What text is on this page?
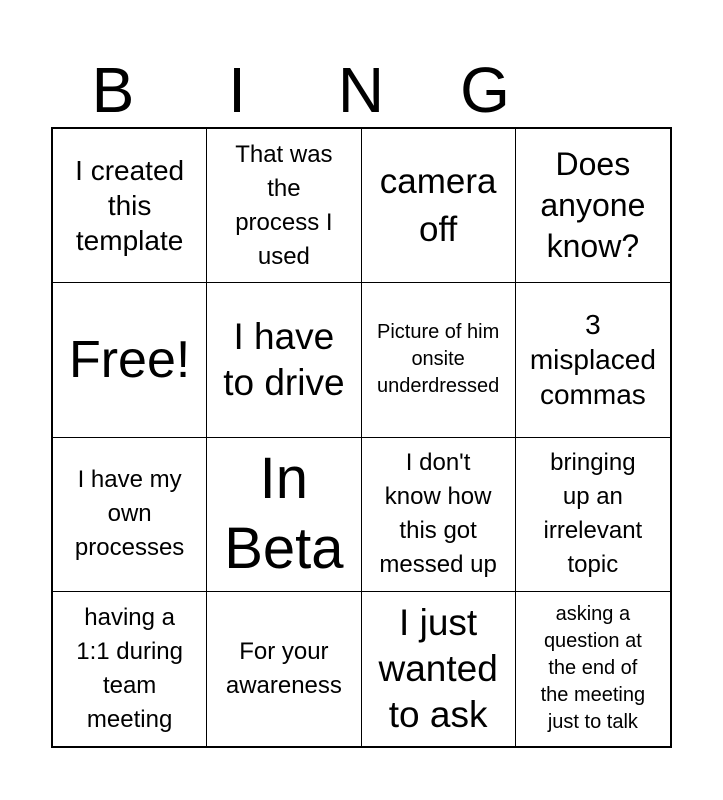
B	I	N	G
I created
this
template
That was
the
process I
used
camera
off
Does
anyone
know?
Free! I have
to drive
Picture of him
onsite
underdressed
3
misplaced
commas
I have my
own
processes
In
Beta
I don't
know how
this got
messed up
bringing
up an
irrelevant
topic
having a
1:1 during
team
meeting
For your
awareness
I just
wanted
to ask
asking a
question at
the end of
the meeting
just to talk
